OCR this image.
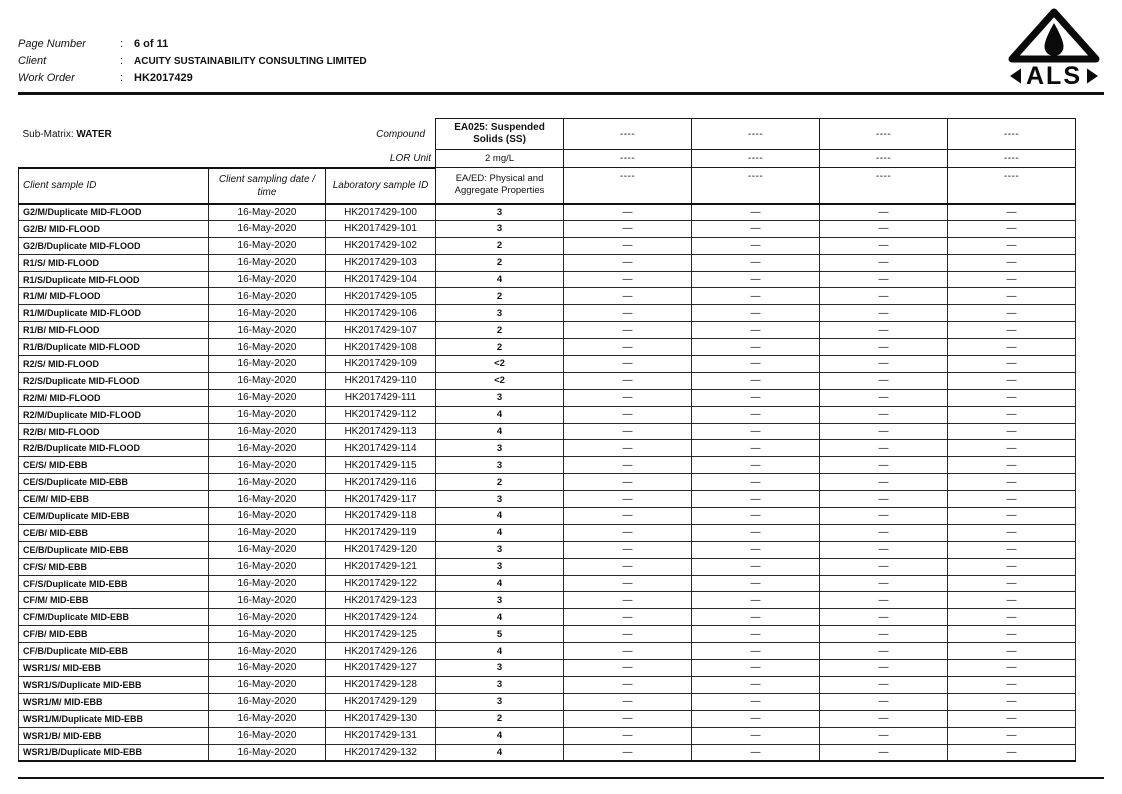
Page Number	: 6 of 11
Client	:	ACUITY SUSTAINABILITY CONSULTING LIMITED
Work Order	: HK2017429	ALS
Sub-Matrix: WATER Compound			EA025: Suspended Solids (SS)	----	----	----	----
LOR Unit			2 mg/L	----	----	----	----
Client sample ID	Client sampling date / time	Laboratory sample ID	EA/ED: Physical and Aggregate Properties	----	----	----	----
G2/M/Duplicate MID-FLOOD	16-May-2020	HK2017429-100	3	—	—	—	—
G2/B/ MID-FLOOD	16-May-2020	HK2017429-101	3	—	—	—	—
G2/B/Duplicate MID-FLOOD	16-May-2020	HK2017429-102	2	—	—	—	—
R1/S/ MID-FLOOD	16-May-2020	HK2017429-103	2	—	—	—	—
R1/S/Duplicate MID-FLOOD	16-May-2020	HK2017429-104	4	—	—	—	—
R1/M/ MID-FLOOD	16-May-2020	HK2017429-105	2	—	—	—	—
R1/M/Duplicate MID-FLOOD	16-May-2020	HK2017429-106	3	—	—	—	—
R1/B/ MID-FLOOD	16-May-2020	HK2017429-107	2	—	—	—	—
R1/B/Duplicate MID-FLOOD	16-May-2020	HK2017429-108	2	—	—	—	—
R2/S/ MID-FLOOD	16-May-2020	HK2017429-109	<2	—	—	—	—
R2/S/Duplicate MID-FLOOD	16-May-2020	HK2017429-110	<2	—	—	—	—
R2/M/ MID-FLOOD	16-May-2020	HK2017429-111	3	—	—	—	—
R2/M/Duplicate MID-FLOOD	16-May-2020	HK2017429-112	4	—	—	—	—
R2/B/ MID-FLOOD	16-May-2020	HK2017429-113	4	—	—	—	—
R2/B/Duplicate MID-FLOOD	16-May-2020	HK2017429-114	3	—	—	—	—
CE/S/ MID-EBB	16-May-2020	HK2017429-115	3	—	—	—	—
CE/S/Duplicate MID-EBB	16-May-2020	HK2017429-116	2	—	—	—	—
CE/M/ MID-EBB	16-May-2020	HK2017429-117	3	—	—	—	—
CE/M/Duplicate MID-EBB	16-May-2020	HK2017429-118	4	—	—	—	—
CE/B/ MID-EBB	16-May-2020	HK2017429-119	4	—	—	—	—
CE/B/Duplicate MID-EBB	16-May-2020	HK2017429-120	3	—	—	—	—
CF/S/ MID-EBB	16-May-2020	HK2017429-121	3	—	—	—	—
CF/S/Duplicate MID-EBB	16-May-2020	HK2017429-122	4	—	—	—	—
CF/M/ MID-EBB	16-May-2020	HK2017429-123	3	—	—	—	—
CF/M/Duplicate MID-EBB	16-May-2020	HK2017429-124	4	—	—	—	—
CF/B/ MID-EBB	16-May-2020	HK2017429-125	5	—	—	—	—
CF/B/Duplicate MID-EBB	16-May-2020	HK2017429-126	4	—	—	—	—
WSR1/S/ MID-EBB	16-May-2020	HK2017429-127	3	—	—	—	—
WSR1/S/Duplicate MID-EBB	16-May-2020	HK2017429-128	3	—	—	—	—
WSR1/M/ MID-EBB	16-May-2020	HK2017429-129	3	—	—	—	—
WSR1/M/Duplicate MID-EBB	16-May-2020	HK2017429-130	2	—	—	—	—
WSR1/B/ MID-EBB	16-May-2020	HK2017429-131	4	—	—	—	—
WSR1/B/Duplicate MID-EBB	16-May-2020	HK2017429-132	4	—	—	—	—
